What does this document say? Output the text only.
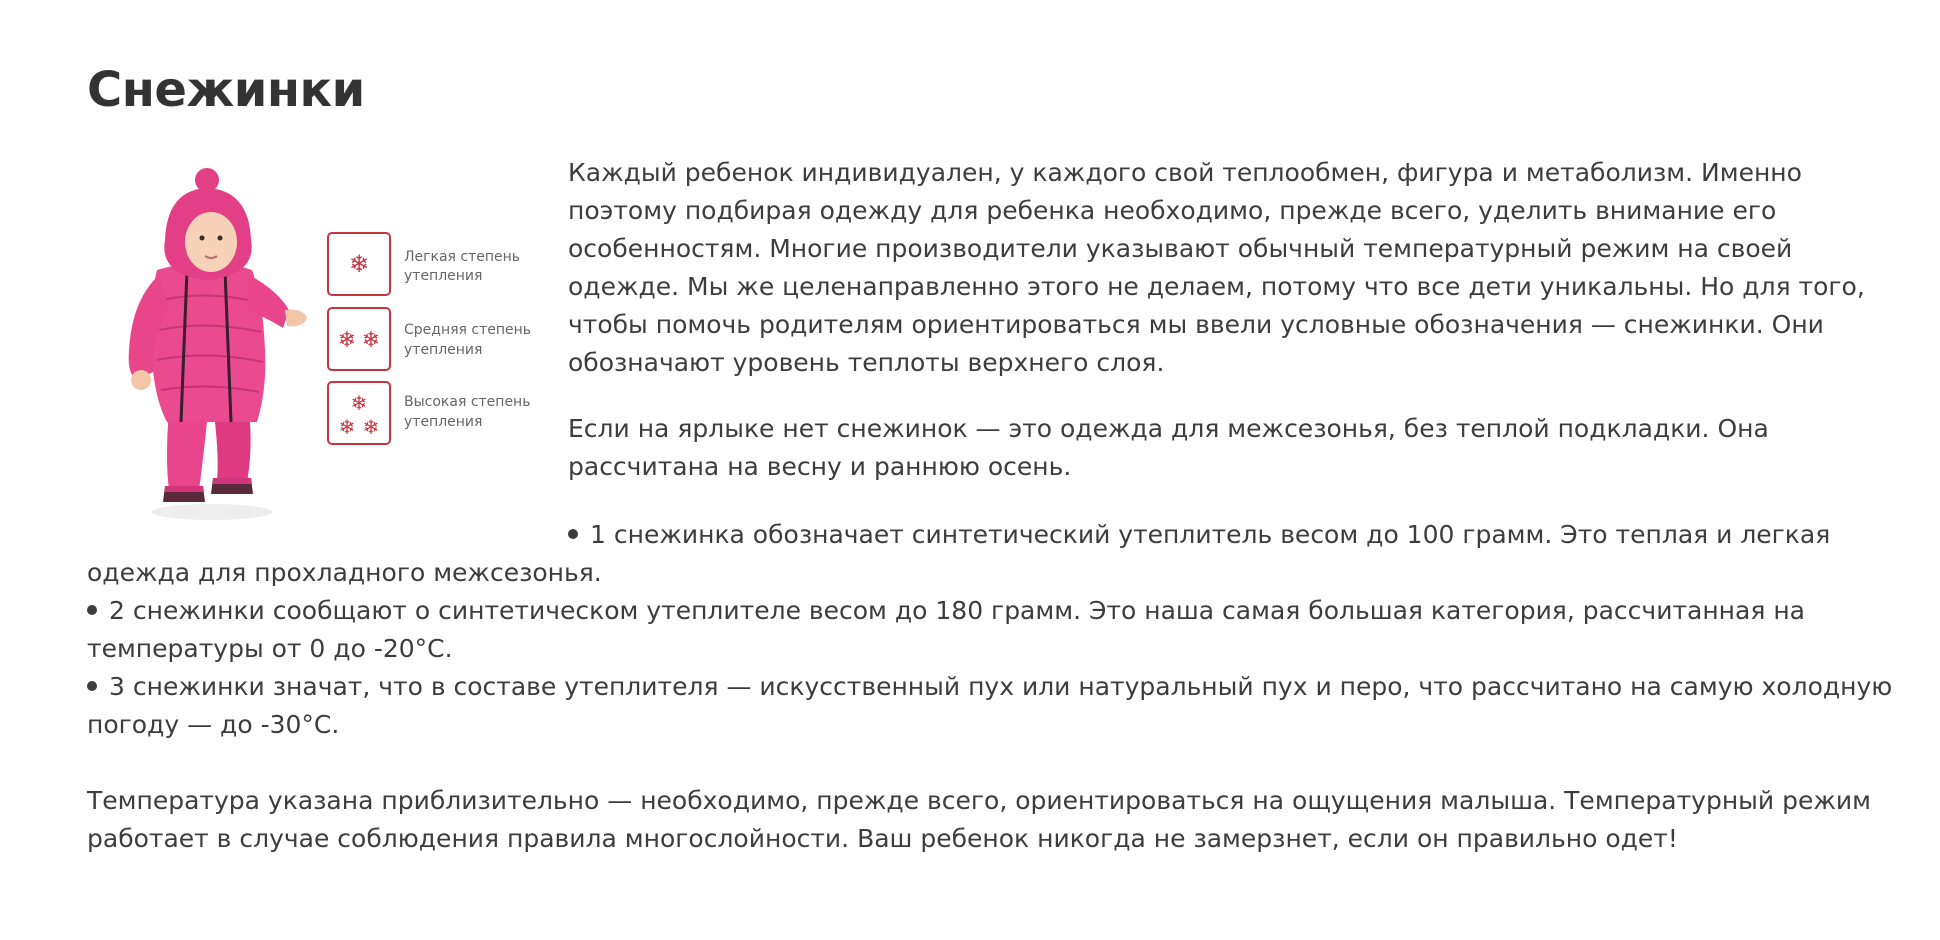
Снежинки
❄ Легкая степень
утепления
❄ ❄ Средняя степень
утепления
❄
❄ ❄
Высокая степень
утепления

Каждый ребенок индивидуален, у каждого свой теплообмен, фигура и метаболизм. Именно поэтому подбирая одежду для ребенка необходимо, прежде всего, уделить внимание его особенностям. Многие производители указывают обычный температурный режим на своей одежде. Мы же целенаправленно этого не делаем, потому что все дети уникальны. Но для того, чтобы помочь родителям ориентироваться мы ввели условные обозначения — снежинки. Они обозначают уровень теплоты верхнего слоя.

Если на ярлыке нет снежинок — это одежда для межсезонья, без теплой подкладки. Она рассчитана на весну и раннюю осень.

1 снежинка обозначает синтетический утеплитель весом до 100 грамм. Это теплая и легкая одежда для прохладного межсезонья.

2 снежинки сообщают о синтетическом утеплителе весом до 180 грамм. Это наша самая большая категория, рассчитанная на температуры от 0 до -20°С.

3 снежинки значат, что в составе утеплителя — искусственный пух или натуральный пух и перо, что рассчитано на самую холодную погоду — до -30°С.

Температура указана приблизительно — необходимо, прежде всего, ориентироваться на ощущения малыша. Температурный режим работает в случае соблюдения правила многослойности. Ваш ребенок никогда не замерзнет, если он правильно одет!
